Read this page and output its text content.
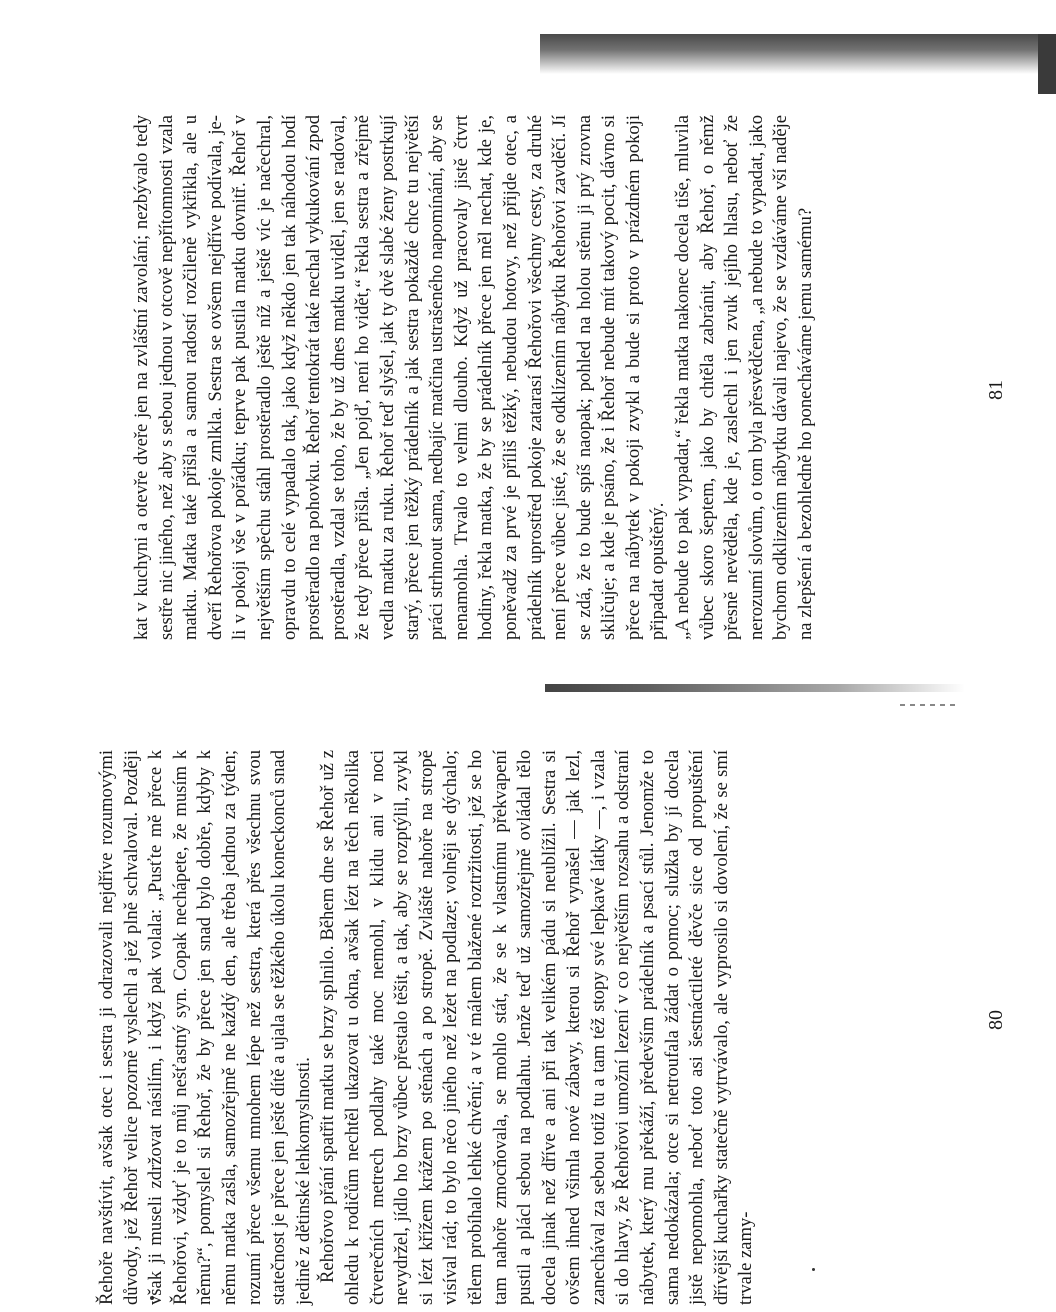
Řehoře navštívit, avšak otec i sestra ji odrazovali nejdříve rozumovými důvody, jež Řehoř velice pozorně vyslechl a jež plně schvaloval. Později však ji museli zdržovat násilím, i když pak volala: „Pusťte mě přece k Řehořovi, vždyť je to můj nešťastný syn. Copak nechápete, že musím k němu?“, pomyslel si Řehoř, že by přece jen snad bylo dobře, kdyby k němu matka zašla, samozřejmě ne každý den, ale třeba jednou za týden; rozumí přece všemu mnohem lépe než sestra, která přes všechnu svou statečnost je přece jen ještě dítě a ujala se těžkého úkolu koneckonců snad jedině z dětinské lehkomyslnosti. Řehořovo přání spatřit matku se brzy splnilo. Během dne se Řehoř už z ohledu k rodičům nechtěl ukazovat u okna, avšak lézt na těch několika čtverečních metrech podlahy také moc nemohl, v klidu ani v noci nevydržel, jídlo ho brzy vůbec přestalo těšit, a tak, aby se rozptýlil, zvykl si lézt křížem krážem po stěnách a po stropě. Zvláště nahoře na stropě visíval rád; to bylo něco jiného než ležet na podlaze; volněji se dýchalo; tělem probíhalo lehké chvění; a v té málem blažené roztržitosti, jež se ho tam nahoře zmocňovala, se mohlo stát, že se k vlastnímu překvapení pustil a plácl sebou na podlahu. Jenže teď už samozřejmě ovládal tělo docela jinak než dříve a ani při tak velikém pádu si neublížil. Sestra si ovšem ihned všimla nové zábavy, kterou si Řehoř vynašel — jak lezl, zanechával za sebou totiž tu a tam též stopy své lepkavé látky —, i vzala si do hlavy, že Řehořovi umožní lezení v co největším rozsahu a odstraní nábytek, který mu překáží, především prádelník a psací stůl. Jenomže to sama nedokázala; otce si netroufala žádat o pomoc; služka by jí docela jistě nepomohla, neboť toto asi šestnáctileté děvče sice od propuštění dřívější kuchařky statečně vytrvávalo, ale vyprosilo si dovolení, že se smí trvale zamy-

80

kat v kuchyni a otevře dveře jen na zvláštní zavolání; nezbývalo tedy sestře nic jiného, než aby s sebou jednou v otcově nepřítomnosti vzala matku. Matka také přišla a samou radostí rozčileně vykřikla, ale u dveří Řehořova pokoje zmlkla. Sestra se ovšem nejdříve podívala, je-li v pokoji vše v pořádku; teprve pak pustila matku dovnitř. Řehoř v největším spěchu stáhl prostěradlo ještě níž a ještě víc je načechral, opravdu to celé vypadalo tak, jako když někdo jen tak náhodou hodí prostěradlo na pohovku. Řehoř tentokrát také nechal vykukování zpod prostěradla, vzdal se toho, že by už dnes matku uviděl, jen se radoval, že tedy přece přišla. „Jen pojď, není ho vidět,“ řekla sestra a zřejmě vedla matku za ruku. Řehoř teď slyšel, jak ty dvě slabé ženy postrkují starý, přece jen těžký prádelník a jak sestra pokaždé chce tu největší práci strhnout sama, nedbajíc matčina ustrašeného napomínání, aby se nenamohla. Trvalo to velmi dlouho. Když už pracovaly jistě čtvrt hodiny, řekla matka, že by se prádelník přece jen měl nechat, kde je, poněvadž za prvé je příliš těžký, nebudou hotovy, než přijde otec, a prádelník uprostřed pokoje zatarasí Řehořovi všechny cesty, za druhé není přece vůbec jisté, že se odklízením nábytku Řehořovi zavděčí. Jí se zdá, že to bude spíš naopak; pohled na holou stěnu ji prý zrovna skličuje; a kde je psáno, že i Řehoř nebude mít takový pocit, dávno si přece na nábytek v pokoji zvykl a bude si proto v prázdném pokoji připadat opuštěný. „A nebude to pak vypadat,“ řekla matka nakonec docela tiše, mluvila vůbec skoro šeptem, jako by chtěla zabránit, aby Řehoř, o němž přesně nevěděla, kde je, zaslechl i jen zvuk jejího hlasu, neboť že nerozumí slovům, o tom byla přesvědčena, „a nebude to vypadat, jako bychom odklizením nábytku dávali najevo, že se vzdáváme vší naděje na zlepšení a bezohledně ho ponecháváme jemu samému?	81
